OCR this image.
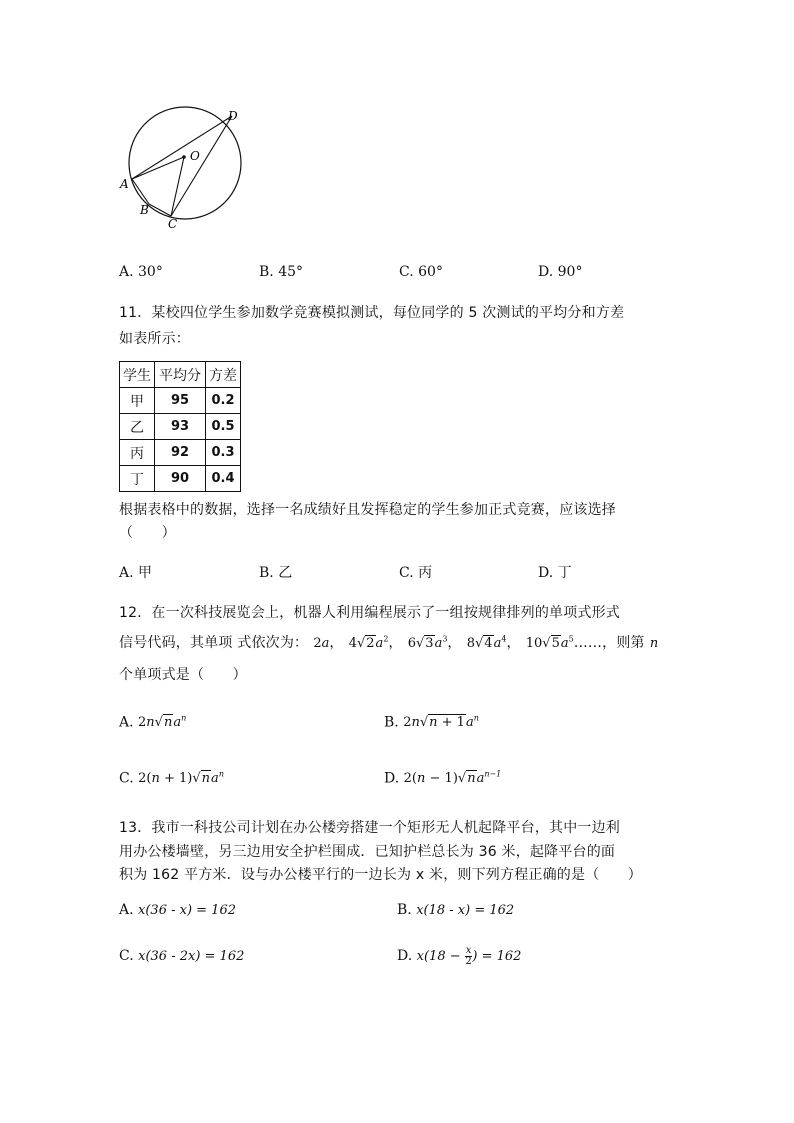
D
O
A
B
C
A. 30°	B. 45°	C. 60°	D. 90°
11．某校四位学生参加数学竞赛模拟测试，每位同学的 5 次测试的平均分和方差
如表所示：
学生	平均分	方差
甲	95	0.2
乙	93	0.5
丙	92	0.3
丁	90	0.4
根据表格中的数据，选择一名成绩好且发挥稳定的学生参加正式竞赛，应该选择
（　　）
A. 甲	B. 乙	C. 丙	D. 丁
12．在一次科技展览会上，机器人利用编程展示了一组按规律排列的单项式形式
信号代码，其单项 式依次为： 2a， $4√2a^2$， $6√3a^3$， $8√4a^4$， $10√5a^5\dots\dots$，则第 n
个单项式是（　　）
A. $2n√na^n$	B. $2n√n + 1a^n$
C. $2(n + 1)√na^n$	D. $2(n - 1)√na^{n-1}$
13．我市一科技公司计划在办公楼旁搭建一个矩形无人机起降平台，其中一边利
用办公楼墙壁，另三边用安全护栏围成．已知护栏总长为 36 米，起降平台的面
积为 162 平方米．设与办公楼平行的一边长为 x 米，则下列方程正确的是（　　）
A. x(36 - x) = 162	B. x(18 - x) = 162
C. x(36 - 2x) = 162	D. $x(18 - \frac{x}{2}$ ) = 162
